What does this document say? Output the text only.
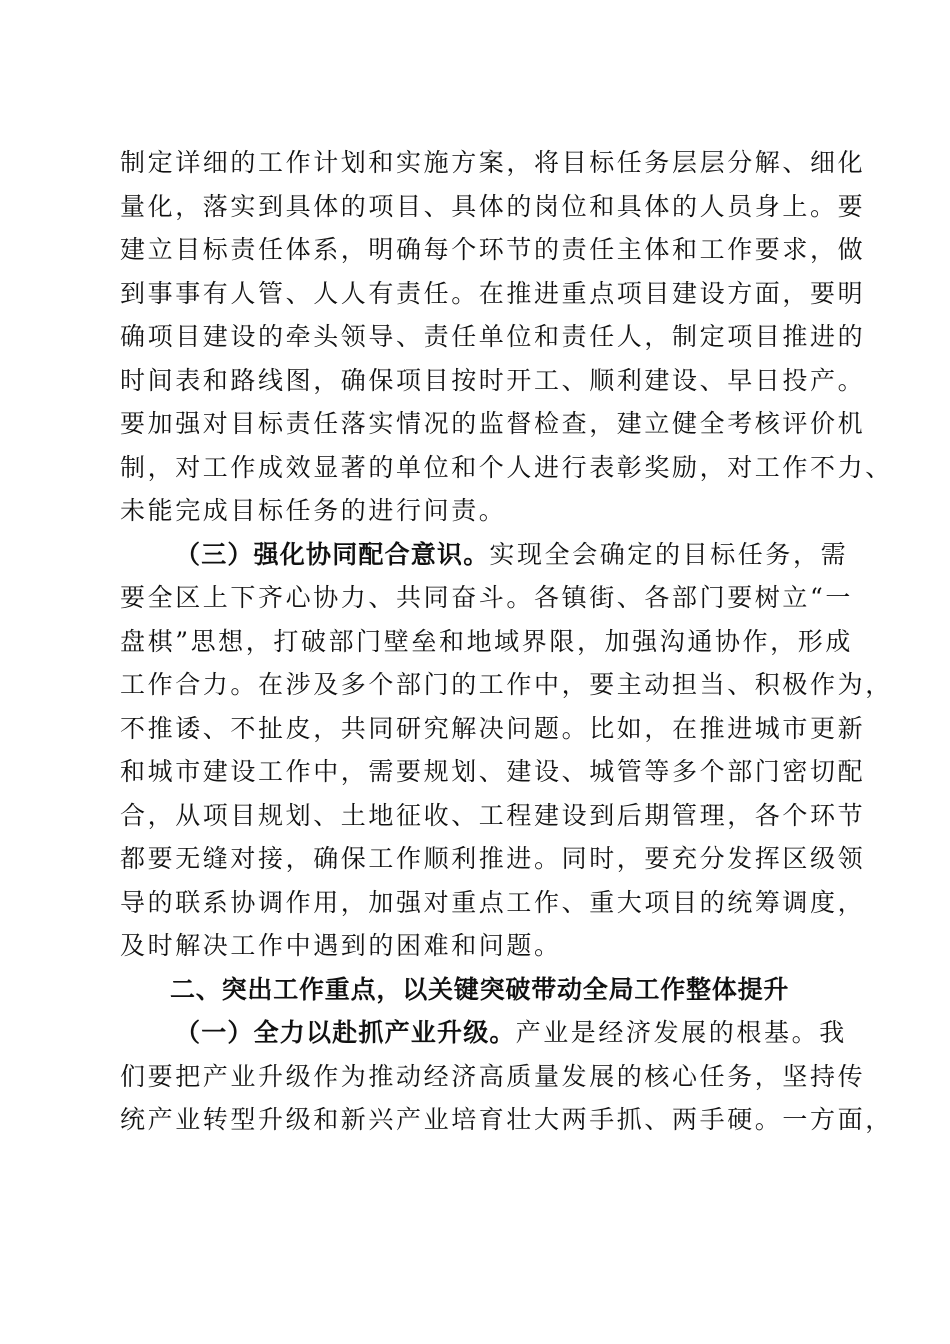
制定详细的工作计划和实施方案，将目标任务层层分解、细化
量化，落实到具体的项目、具体的岗位和具体的人员身上。要
建立目标责任体系，明确每个环节的责任主体和工作要求，做
到事事有人管、人人有责任。在推进重点项目建设方面，要明
确项目建设的牵头领导、责任单位和责任人，制定项目推进的
时间表和路线图，确保项目按时开工、顺利建设、早日投产。
要加强对目标责任落实情况的监督检查，建立健全考核评价机
制，对工作成效显著的单位和个人进行表彰奖励，对工作不力、
未能完成目标任务的进行问责。
（三）强化协同配合意识。实现全会确定的目标任务，需
要全区上下齐心协力、共同奋斗。各镇街、各部门要树立“一
盘棋”思想，打破部门壁垒和地域界限，加强沟通协作，形成
工作合力。在涉及多个部门的工作中，要主动担当、积极作为，
不推诿、不扯皮，共同研究解决问题。比如，在推进城市更新
和城市建设工作中，需要规划、建设、城管等多个部门密切配
合，从项目规划、土地征收、工程建设到后期管理，各个环节
都要无缝对接，确保工作顺利推进。同时，要充分发挥区级领
导的联系协调作用，加强对重点工作、重大项目的统筹调度，
及时解决工作中遇到的困难和问题。
二、突出工作重点，以关键突破带动全局工作整体提升
（一）全力以赴抓产业升级。产业是经济发展的根基。我
们要把产业升级作为推动经济高质量发展的核心任务，坚持传
统产业转型升级和新兴产业培育壮大两手抓、两手硬。一方面，
